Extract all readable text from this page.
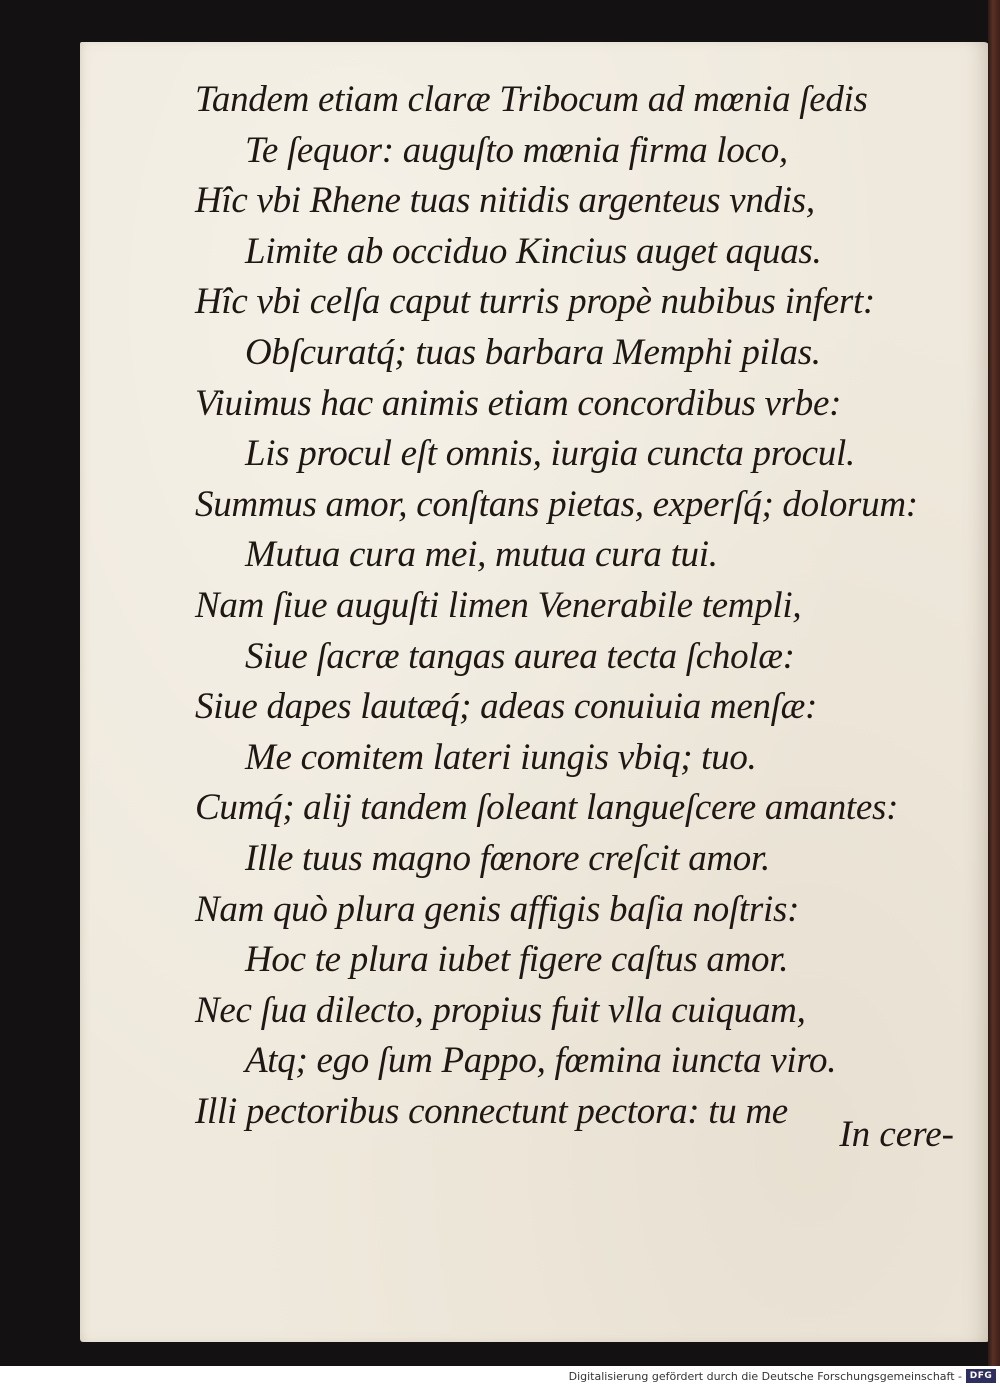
Tandem etiam claræ Tribocum ad mœnia ſedis
Te ſequor: auguſto mœnia firma loco,
Hîc vbi Rhene tuas nitidis argenteus vndis,
Limite ab occiduo Kincius auget aquas.
Hîc vbi celſa caput turris propè nubibus infert:
Obſcuratq́; tuas barbara Memphi pilas.
Viuimus hac animis etiam concordibus vrbe:
Lis procul eſt omnis, iurgia cuncta procul.
Summus amor, conſtans pietas, experſq́; dolorum:
Mutua cura mei, mutua cura tui.
Nam ſiue auguſti limen Venerabile templi,
Siue ſacræ tangas aurea tecta ſcholæ:
Siue dapes lautæq́; adeas conuiuia menſæ:
Me comitem lateri iungis vbiq; tuo.
Cumq́; alij tandem ſoleant langueſcere amantes:
Ille tuus magno fœnore creſcit amor.
Nam quò plura genis affigis baſia noſtris:
Hoc te plura iubet figere caſtus amor.
Nec ſua dilecto, propius fuit vlla cuiquam,
Atq; ego ſum Pappo, fœmina iuncta viro.
Illi pectoribus connectunt pectora: tu me
In cere-
Digitalisierung gefördert durch die Deutsche Forschungsgemeinschaft - DFG
